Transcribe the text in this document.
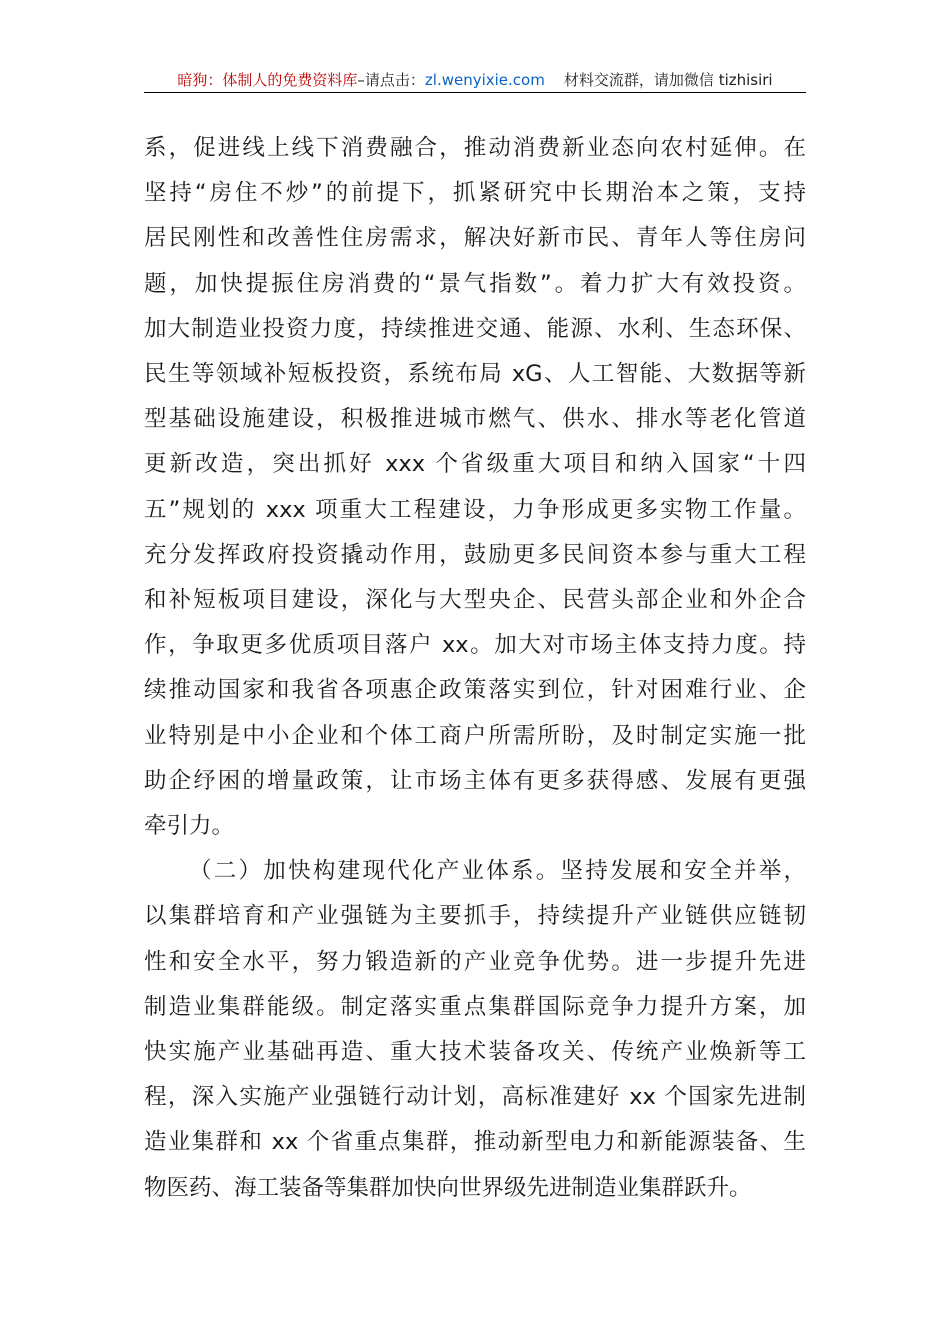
暗狗：体制人的免费资料库–请点击：zl.wenyixie.com 材料交流群，请加微信 tizhisiri
系，促进线上线下消费融合，推动消费新业态向农村延伸。在
坚持“房住不炒”的前提下，抓紧研究中长期治本之策，支持
居民刚性和改善性住房需求，解决好新市民、青年人等住房问
题，加快提振住房消费的“景气指数”。着力扩大有效投资。
加大制造业投资力度，持续推进交通、能源、水利、生态环保、
民生等领域补短板投资，系统布局 xG、人工智能、大数据等新
型基础设施建设，积极推进城市燃气、供水、排水等老化管道
更新改造，突出抓好 xxx 个省级重大项目和纳入国家“十四
五”规划的 xxx 项重大工程建设，力争形成更多实物工作量。
充分发挥政府投资撬动作用，鼓励更多民间资本参与重大工程
和补短板项目建设，深化与大型央企、民营头部企业和外企合
作，争取更多优质项目落户 xx。加大对市场主体支持力度。持
续推动国家和我省各项惠企政策落实到位，针对困难行业、企
业特别是中小企业和个体工商户所需所盼，及时制定实施一批
助企纾困的增量政策，让市场主体有更多获得感、发展有更强
牵引力。
（二）加快构建现代化产业体系。坚持发展和安全并举，
以集群培育和产业强链为主要抓手，持续提升产业链供应链韧
性和安全水平，努力锻造新的产业竞争优势。进一步提升先进
制造业集群能级。制定落实重点集群国际竞争力提升方案，加
快实施产业基础再造、重大技术装备攻关、传统产业焕新等工
程，深入实施产业强链行动计划，高标准建好 xx 个国家先进制
造业集群和 xx 个省重点集群，推动新型电力和新能源装备、生
物医药、海工装备等集群加快向世界级先进制造业集群跃升。
